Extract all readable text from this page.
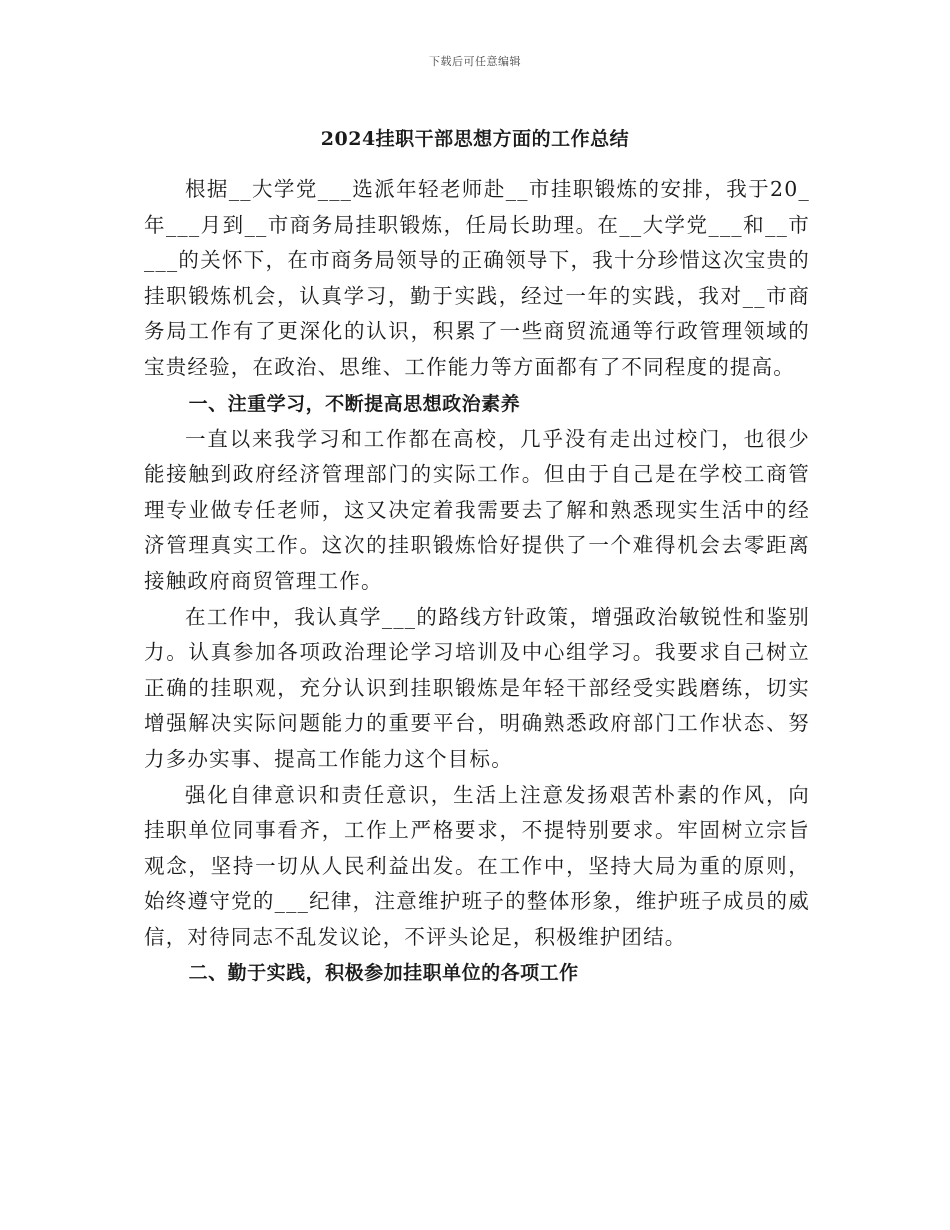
下载后可任意编辑
2024挂职干部思想方面的工作总结

根据__大学党___选派年轻老师赴__市挂职锻炼的安排，我于20_年___月到__市商务局挂职锻炼，任局长助理。在__大学党___和__市___的关怀下，在市商务局领导的正确领导下，我十分珍惜这次宝贵的挂职锻炼机会，认真学习，勤于实践，经过一年的实践，我对__市商务局工作有了更深化的认识，积累了一些商贸流通等行政管理领域的宝贵经验，在政治、思维、工作能力等方面都有了不同程度的提高。

一、注重学习，不断提高思想政治素养

一直以来我学习和工作都在高校，几乎没有走出过校门，也很少能接触到政府经济管理部门的实际工作。但由于自己是在学校工商管理专业做专任老师，这又决定着我需要去了解和熟悉现实生活中的经济管理真实工作。这次的挂职锻炼恰好提供了一个难得机会去零距离接触政府商贸管理工作。

在工作中，我认真学___的路线方针政策，增强政治敏锐性和鉴别力。认真参加各项政治理论学习培训及中心组学习。我要求自己树立正确的挂职观，充分认识到挂职锻炼是年轻干部经受实践磨练，切实增强解决实际问题能力的重要平台，明确熟悉政府部门工作状态、努力多办实事、提高工作能力这个目标。

强化自律意识和责任意识，生活上注意发扬艰苦朴素的作风，向挂职单位同事看齐，工作上严格要求，不提特别要求。牢固树立宗旨观念，坚持一切从人民利益出发。在工作中，坚持大局为重的原则，始终遵守党的___纪律，注意维护班子的整体形象，维护班子成员的威信，对待同志不乱发议论，不评头论足，积极维护团结。

二、勤于实践，积极参加挂职单位的各项工作
